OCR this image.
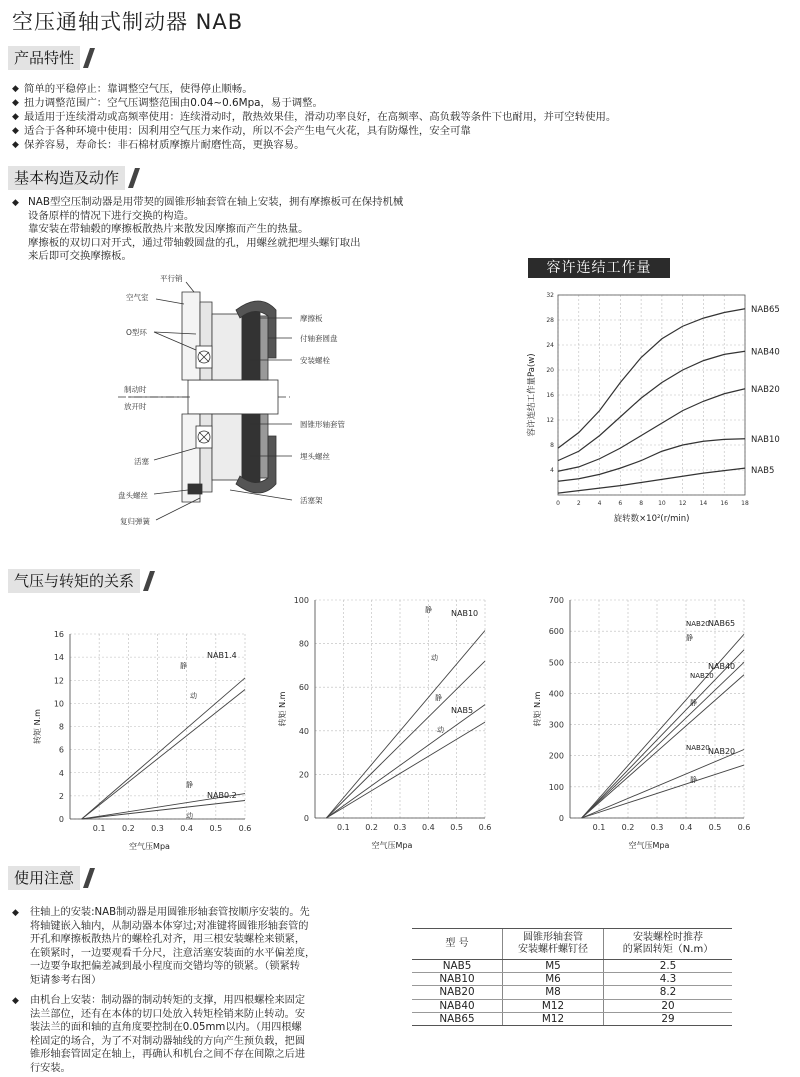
空压通轴式制动器 NAB
产品特性
◆ 简单的平稳停止：靠调整空气压，使得停止顺畅。
◆ 扭力调整范围广：空气压调整范围由0.04~0.6Mpa，易于调整。
◆ 最适用于连续滑动或高频率使用：连续滑动时，散热效果佳，滑动功率良好，在高频率、高负载等条件下也耐用，并可空转使用。
◆ 适合于各种环境中使用：因利用空气压力来作动，所以不会产生电气火花，具有防爆性，安全可靠
◆ 保养容易，寿命长：非石棉材质摩擦片耐磨性高，更换容易。
基本构造及动作
◆ NAB型空压制动器是用带契的圆锥形轴套管在轴上安装，拥有摩擦板可在保持机械
设备原样的情况下进行交换的构造。
靠安装在带轴毂的摩擦板散热片来散发因摩擦而产生的热量。
摩擦板的双切口对开式，通过带轴毂圆盘的孔，用螺丝就把埋头螺钉取出
来后即可交换摩擦板。
平行销
空气室
O型环
摩擦板
付轴套圆盘
安装螺栓
制动时
放开时
圆锥形轴套管
活塞
埋头螺丝
盘头螺丝
活塞架
复归弹簧
容许连结工作量
0	2	4	6	8	10 12 14 16 18
4
8
12
16
20
24
28
32
旋转数×10²(r/min)
容许连结工作量Pa(w)
NAB65
NAB40
NAB20
NAB10
NAB5
气压与转矩的关系
0.1 0.2 0.3 0.4 0.5 0.6
0
2
4
6
8
10
12
14
16
空气压Mpa
转矩 N.m
NAB1.4
静
动
静
NAB0.2
动
0.1 0.2 0.3 0.4 0.5 0.6
0
20
40
60
80
100
空气压Mpa
转矩 N.m
NAB10
静
动
静
NAB5
动
0.1 0.2 0.3 0.4 0.5 0.6
0
100
200
300
400
500
600
700
空气压Mpa
转矩 N.m
NAB65
静
NAB20
NAB40
NAB20
静
NAB20
NAB20
静
使用注意
◆	往轴上的安装:NAB制动器是用圆锥形轴套管按顺序安装的。先
将轴键嵌入轴内，从制动器本体穿过;对准键将圆锥形轴套管的
开孔和摩擦板散热片的螺栓孔对齐，用三根安装螺栓来锁紧，
在锁紧时，一边要观看千分尺，注意活塞安装面的水平偏差度，
一边要争取把偏差减到最小程度而交错均等的锁紧。（锁紧转
矩请参考右图）
◆	由机台上安装：制动器的制动转矩的支撑，用四根螺栓来固定
法兰部位，还有在本体的切口处放入转矩栓销来防止转动。安
装法兰的面和轴的直角度要控制在0.05mm以内。（用四根螺
栓固定的场合，为了不对制动器轴线的方向产生预负载，把圆
锥形轴套管固定在轴上，再确认和机台之间不存在间隙之后进
行安装。
型 号	圆锥形轴套管
安装螺杆螺钉径	安装螺栓时推荐
的紧固转矩（N.m）
NAB5	M5	2.5
NAB10	M6	4.3
NAB20	M8	8.2
NAB40	M12	20
NAB65	M12	29
